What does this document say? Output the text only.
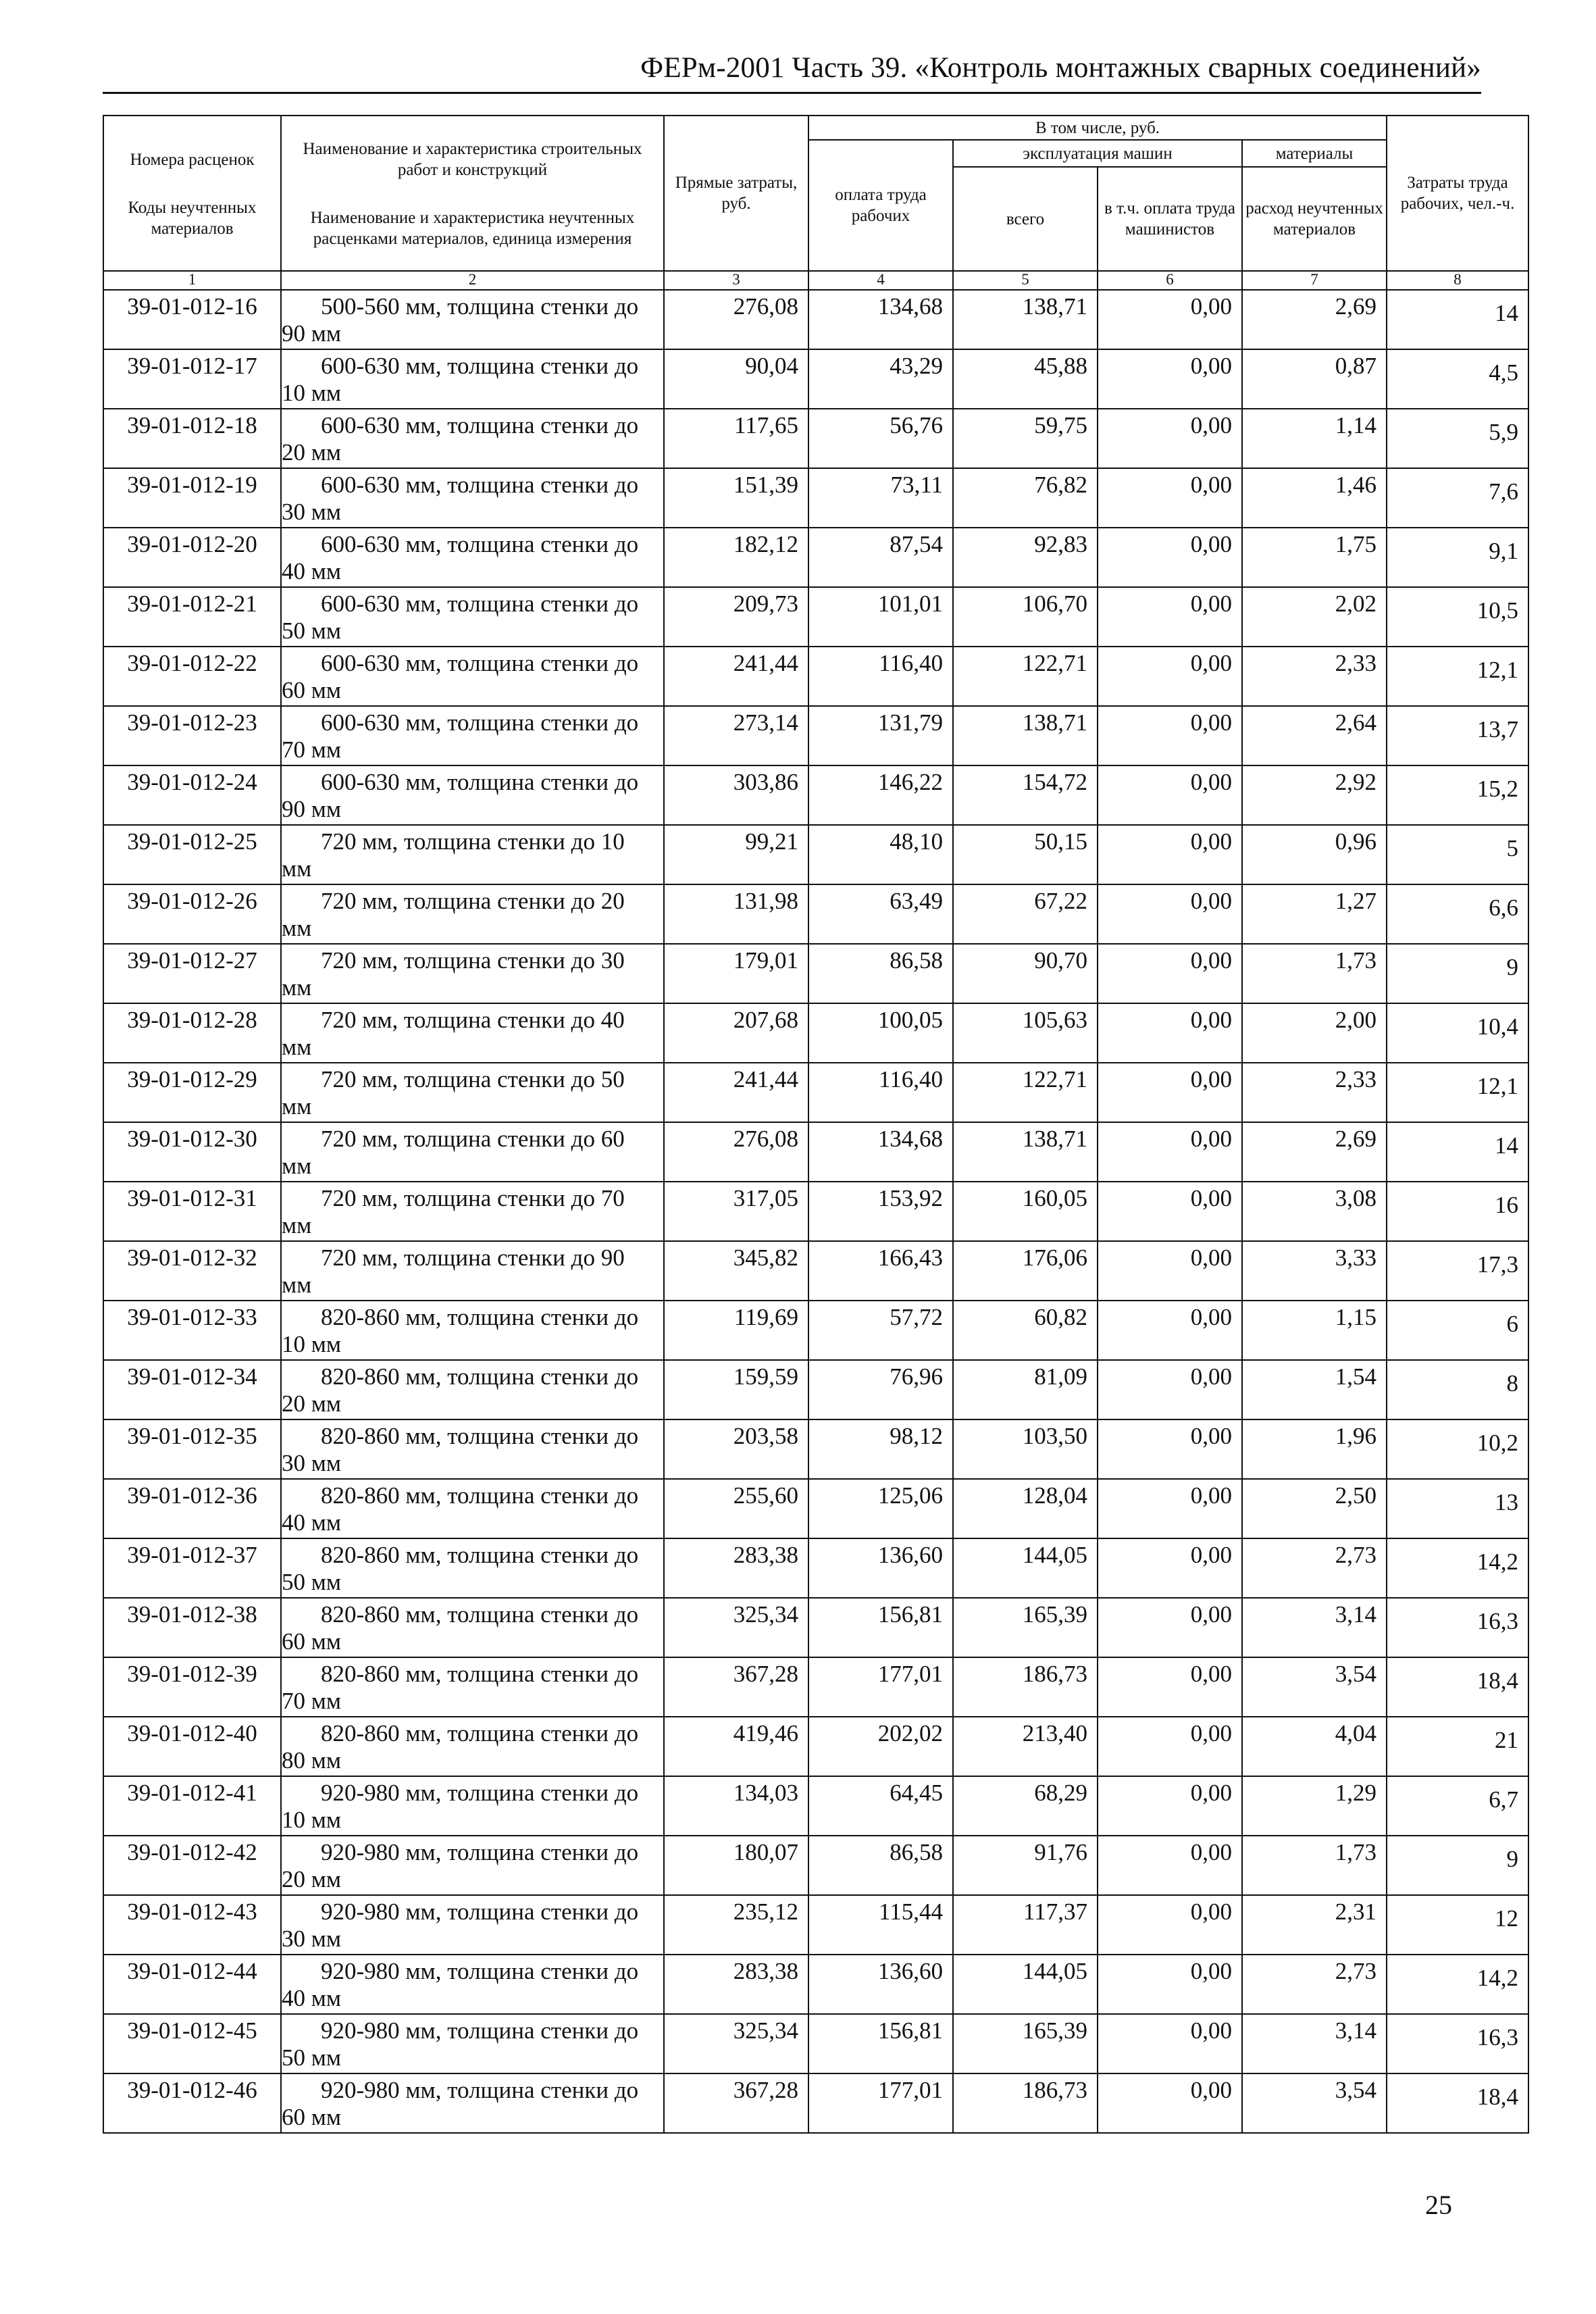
ФЕРм-2001 Часть 39. «Контроль монтажных сварных соединений»
Номера расценок
Коды неучтенных материалов	Наименование и характеристика строительных работ и конструкций
Наименование и характеристика неучтенных расценками материалов, единица измерения	Прямые затраты, руб.	В том числе, руб.				Затраты труда рабочих, чел.-ч.
			оплата труда рабочих	эксплуатация машин		материалы	
				всего	в т.ч. оплата труда машинистов	расход неучтенных материалов	
1	2	3	4	5	6	7	8
39-01-012-16	500-560 мм, толщина стенки до 90 мм	276,08	134,68	138,71	0,00	2,69	14
39-01-012-17	600-630 мм, толщина стенки до 10 мм	90,04	43,29	45,88	0,00	0,87	4,5
39-01-012-18	600-630 мм, толщина стенки до 20 мм	117,65	56,76	59,75	0,00	1,14	5,9
39-01-012-19	600-630 мм, толщина стенки до 30 мм	151,39	73,11	76,82	0,00	1,46	7,6
39-01-012-20	600-630 мм, толщина стенки до 40 мм	182,12	87,54	92,83	0,00	1,75	9,1
39-01-012-21	600-630 мм, толщина стенки до 50 мм	209,73	101,01	106,70	0,00	2,02	10,5
39-01-012-22	600-630 мм, толщина стенки до 60 мм	241,44	116,40	122,71	0,00	2,33	12,1
39-01-012-23	600-630 мм, толщина стенки до 70 мм	273,14	131,79	138,71	0,00	2,64	13,7
39-01-012-24	600-630 мм, толщина стенки до 90 мм	303,86	146,22	154,72	0,00	2,92	15,2
39-01-012-25	720 мм, толщина стенки до 10 мм	99,21	48,10	50,15	0,00	0,96	5
39-01-012-26	720 мм, толщина стенки до 20 мм	131,98	63,49	67,22	0,00	1,27	6,6
39-01-012-27	720 мм, толщина стенки до 30 мм	179,01	86,58	90,70	0,00	1,73	9
39-01-012-28	720 мм, толщина стенки до 40 мм	207,68	100,05	105,63	0,00	2,00	10,4
39-01-012-29	720 мм, толщина стенки до 50 мм	241,44	116,40	122,71	0,00	2,33	12,1
39-01-012-30	720 мм, толщина стенки до 60 мм	276,08	134,68	138,71	0,00	2,69	14
39-01-012-31	720 мм, толщина стенки до 70 мм	317,05	153,92	160,05	0,00	3,08	16
39-01-012-32	720 мм, толщина стенки до 90 мм	345,82	166,43	176,06	0,00	3,33	17,3
39-01-012-33	820-860 мм, толщина стенки до 10 мм	119,69	57,72	60,82	0,00	1,15	6
39-01-012-34	820-860 мм, толщина стенки до 20 мм	159,59	76,96	81,09	0,00	1,54	8
39-01-012-35	820-860 мм, толщина стенки до 30 мм	203,58	98,12	103,50	0,00	1,96	10,2
39-01-012-36	820-860 мм, толщина стенки до 40 мм	255,60	125,06	128,04	0,00	2,50	13
39-01-012-37	820-860 мм, толщина стенки до 50 мм	283,38	136,60	144,05	0,00	2,73	14,2
39-01-012-38	820-860 мм, толщина стенки до 60 мм	325,34	156,81	165,39	0,00	3,14	16,3
39-01-012-39	820-860 мм, толщина стенки до 70 мм	367,28	177,01	186,73	0,00	3,54	18,4
39-01-012-40	820-860 мм, толщина стенки до 80 мм	419,46	202,02	213,40	0,00	4,04	21
39-01-012-41	920-980 мм, толщина стенки до 10 мм	134,03	64,45	68,29	0,00	1,29	6,7
39-01-012-42	920-980 мм, толщина стенки до 20 мм	180,07	86,58	91,76	0,00	1,73	9
39-01-012-43	920-980 мм, толщина стенки до 30 мм	235,12	115,44	117,37	0,00	2,31	12
39-01-012-44	920-980 мм, толщина стенки до 40 мм	283,38	136,60	144,05	0,00	2,73	14,2
39-01-012-45	920-980 мм, толщина стенки до 50 мм	325,34	156,81	165,39	0,00	3,14	16,3
39-01-012-46	920-980 мм, толщина стенки до 60 мм	367,28	177,01	186,73	0,00	3,54	18,4
25
